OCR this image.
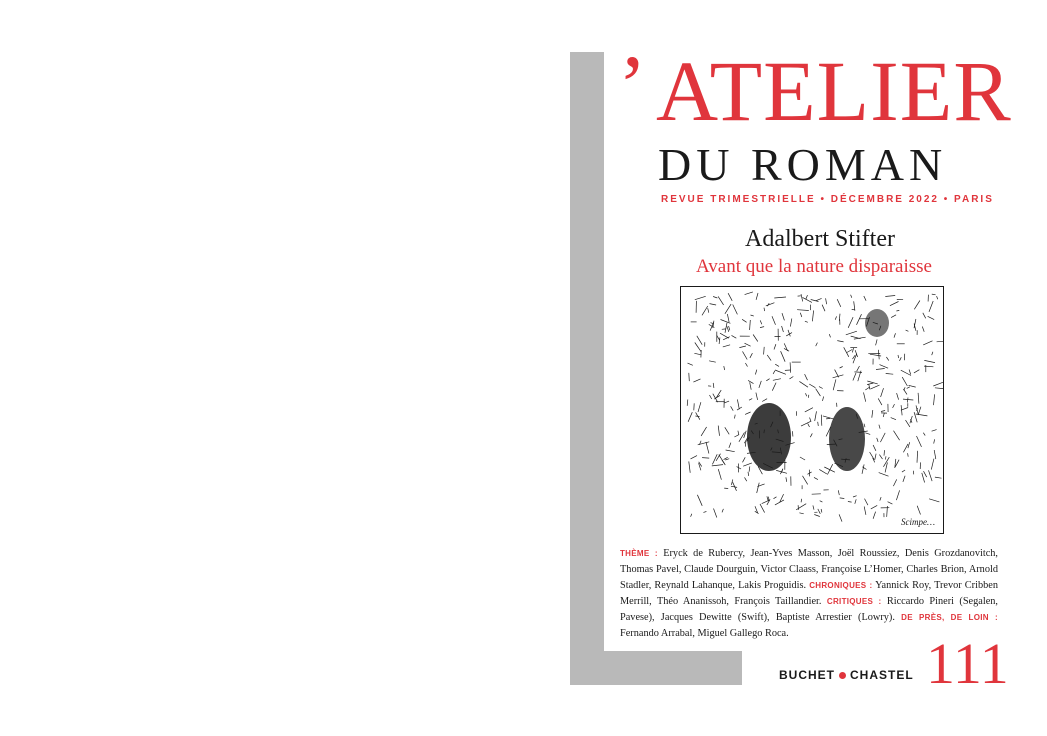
’ ATELIER
DU ROMAN
REVUE TRIMESTRIELLE • DÉCEMBRE 2022 • PARIS
Adalbert Stifter
Avant que la nature disparaisse
Scimpe…
THÈME : Eryck de Rubercy, Jean-Yves Masson, Joël Roussiez, Denis Grozdanovitch, Thomas Pavel, Claude Dourguin, Victor Claass, Françoise L’Homer, Charles Brion, Arnold Stadler, Reynald Lahanque, Lakis Proguidis. CHRONIQUES : Yannick Roy, Trevor Cribben Merrill, Théo Ananissoh, François Taillandier. CRITIQUES : Riccardo Pineri (Segalen, Pavese), Jacques Dewitte (Swift), Baptiste Arrestier (Lowry). DE PRÈS, DE LOIN : Fernando Arrabal, Miguel Gallego Roca.
BUCHET CHASTEL 111
